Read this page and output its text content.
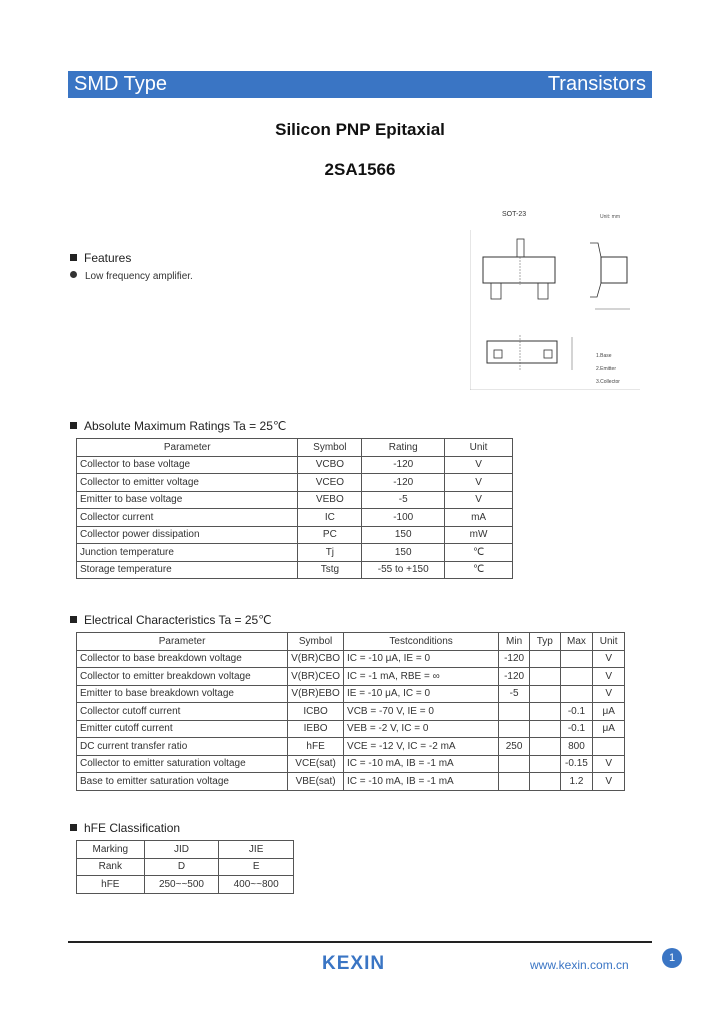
SMD Type	Transistors
Silicon PNP Epitaxial
2SA1566
Features
Low frequency amplifier.
SOT-23	Unit: mm
1.Base
2.Emitter
3.Collector
Absolute Maximum Ratings Ta = 25℃
Parameter	Symbol	Rating	Unit
Collector to base voltage	VCBO	-120	V
Collector to emitter voltage	VCEO	-120	V
Emitter to base voltage	VEBO	-5	V
Collector current	IC	-100	mA
Collector power dissipation	PC	150	mW
Junction temperature	Tj	150	℃
Storage temperature	Tstg	-55 to +150	℃
Electrical Characteristics Ta = 25℃
Parameter	Symbol	Testconditions	Min	Typ	Max	Unit
Collector to base breakdown voltage	V(BR)CBO	IC = -10 μA, IE = 0	-120			V
Collector to emitter breakdown voltage	V(BR)CEO	IC = -1 mA, RBE = ∞	-120			V
Emitter to base breakdown voltage	V(BR)EBO	IE = -10 μA, IC = 0	-5			V
Collector cutoff current	ICBO	VCB = -70 V, IE = 0			-0.1	μA
Emitter cutoff current	IEBO	VEB = -2 V, IC = 0			-0.1	μA
DC current transfer ratio	hFE	VCE = -12 V, IC = -2 mA	250		800	
Collector to emitter saturation voltage	VCE(sat)	IC = -10 mA, IB = -1 mA			-0.15	V
Base to emitter saturation voltage	VBE(sat)	IC = -10 mA, IB = -1 mA			1.2	V
hFE Classification
Marking	JID	JIE
Rank	D	E
hFE	250~~500	400~~800
1
KEXIN	www.kexin.com.cn
